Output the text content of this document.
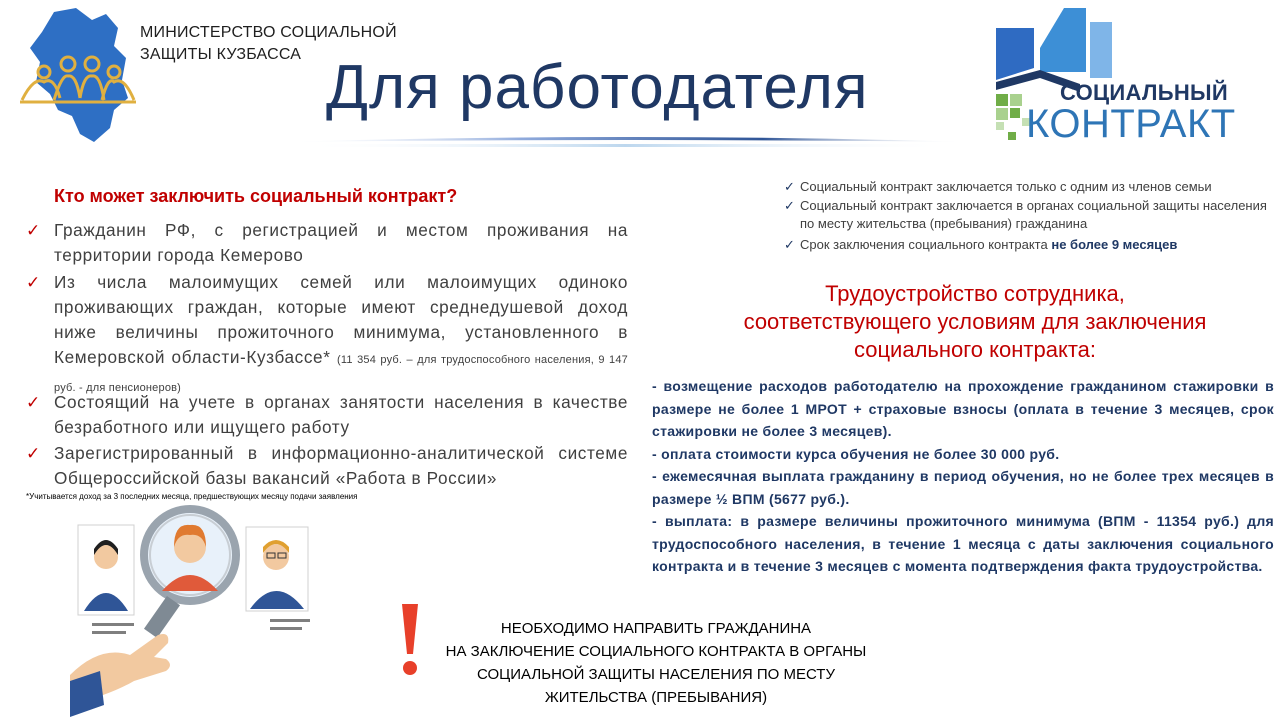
МИНИСТЕРСТВО СОЦИАЛЬНОЙ
ЗАЩИТЫ КУЗБАССА Для работодателя	СОЦИАЛЬНЫЙ
КОНТРАКТ
Кто может заключить социальный контракт?
✓ Гражданин РФ, с регистрацией и местом проживания на территории города Кемерово
✓ Из числа малоимущих семей или малоимущих одиноко проживающих граждан, которые имеют среднедушевой доход ниже величины прожиточного минимума, установленного в Кемеровской области-Кузбассе* (11 354 руб. – для трудоспособного населения, 9 147 руб. - для пенсионеров)
✓ Состоящий на учете в органах занятости населения в качестве безработного или ищущего работу
✓ Зарегистрированный в информационно-аналитической системе Общероссийской базы вакансий «Работа в России»
*Учитывается доход за 3 последних месяца, предшествующих месяцу подачи заявления
✓ Социальный контракт заключается только с одним из членов семьи
✓ Социальный контракт заключается в органах социальной защиты населения по месту жительства (пребывания) гражданина
✓ Срок заключения социального контракта не более 9 месяцев
Трудоустройство сотрудника,
соответствующего условиям для заключения
социального контракта:

- возмещение расходов работодателю на прохождение гражданином стажировки в размере не более 1 МРОТ + страховые взносы (оплата в течение 3 месяцев, срок стажировки не более 3 месяцев).

- оплата стоимости курса обучения не более 30 000 руб.

- ежемесячная выплата гражданину в период обучения, но не более трех месяцев в размере ½ ВПМ (5677 руб.).

- выплата: в размере величины прожиточного минимума (ВПМ - 11354 руб.) для трудоспособного населения, в течение 1 месяца с даты заключения социального контракта и в течение 3 месяцев с момента подтверждения факта трудоустройства.

НЕОБХОДИМО НАПРАВИТЬ ГРАЖДАНИНА
НА ЗАКЛЮЧЕНИЕ СОЦИАЛЬНОГО КОНТРАКТА В ОРГАНЫ
СОЦИАЛЬНОЙ ЗАЩИТЫ НАСЕЛЕНИЯ ПО МЕСТУ
ЖИТЕЛЬСТВА (ПРЕБЫВАНИЯ)
